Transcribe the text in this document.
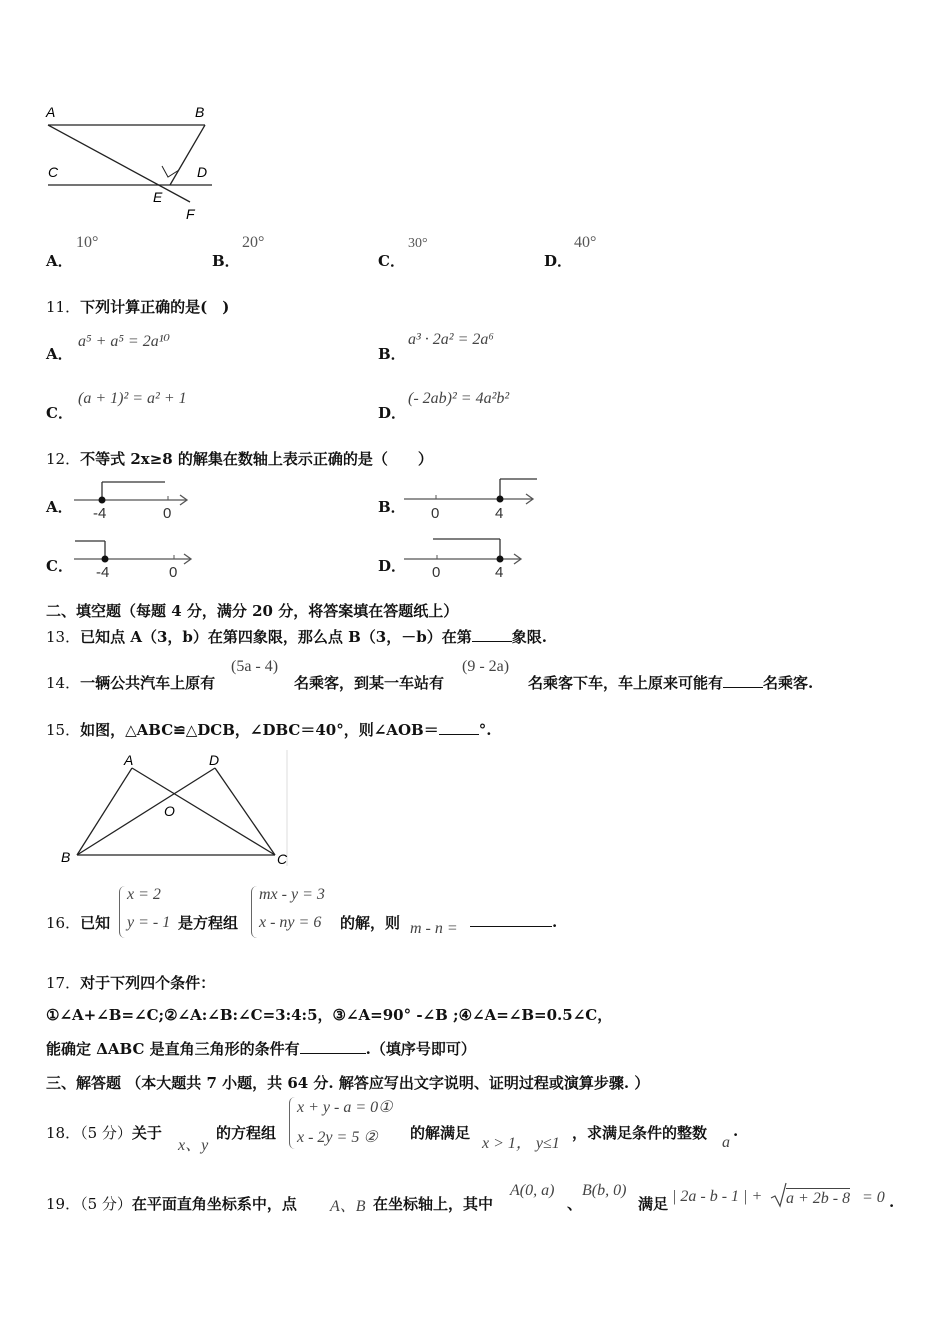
A	B
C	D
E
F
A．
10°
B．
20°
C．
30°
D．
40°
11．下列计算正确的是(　)
A．
a⁵ + a⁵ = 2a¹⁰
B．
a³ · 2a² = 2a⁶
C．
(a + 1)² = a² + 1
D．
(- 2ab)² = 4a²b²
12．不等式 2x≥8 的解集在数轴上表示正确的是（　　）
A． -4	0	B． 0	4
C． -4	0	D． 0	4
二、填空题（每题 4 分，满分 20 分，将答案填在答题纸上）
13．已知点 A（3，b）在第四象限，那么点 B（3，－b）在第	象限.
14．一辆公共汽车上原有
(5a - 4)
名乘客，到某一车站有
(9 - 2a)
名乘客下车，车上原来可能有	名乘客.
15．如图，△ABC≌△DCB，∠DBC＝40°，则∠AOB＝	°.
A	D
O
B	C
16．已知
x = 2
y = - 1 是方程组
mx - y = 3
x - ny = 6 的解，则 m - n =	.
17．对于下列四个条件：
①∠A+∠B=∠C;②∠A:∠B:∠C=3:4:5，③∠A=90° -∠B ;④∠A=∠B=0.5∠C，
能确定 ΔABC 是直角三角形的条件有	.（填序号即可）
三、解答题 （本大题共 7 小题，共 64 分. 解答应写出文字说明、证明过程或演算步骤. ）
18．（5 分）关于
x、y
的方程组
x + y - a = 0①
x - 2y = 5 ② 的解满足
x > 1， y≤1
，求满足条件的整数
a
.
19．（5 分）在平面直角坐标系中，点 A、B 在坐标轴上，其中
A(0, a)
、
B(b, 0)
满足 | 2a - b - 1 | + a + 2b - 8 = 0 .
